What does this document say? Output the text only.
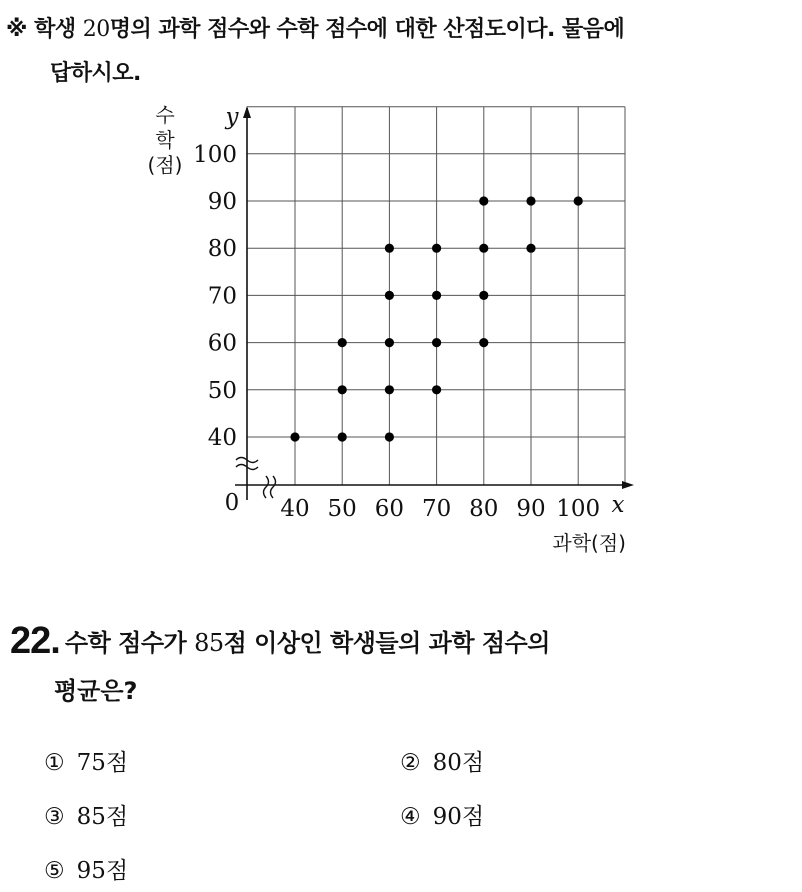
※ 학생 20명의 과학 점수와 수학 점수에 대한 산점도이다. 물음에
답하시오.
40
50
60
70
80
90
100
40 50 60 70 80 90 100
0
y
x
수 학 (점)
과학(점)
22. 수학 점수가 85점 이상인 학생들의 과학 점수의
평균은?
① 75점	② 80점
③ 85점	④ 90점
⑤ 95점
